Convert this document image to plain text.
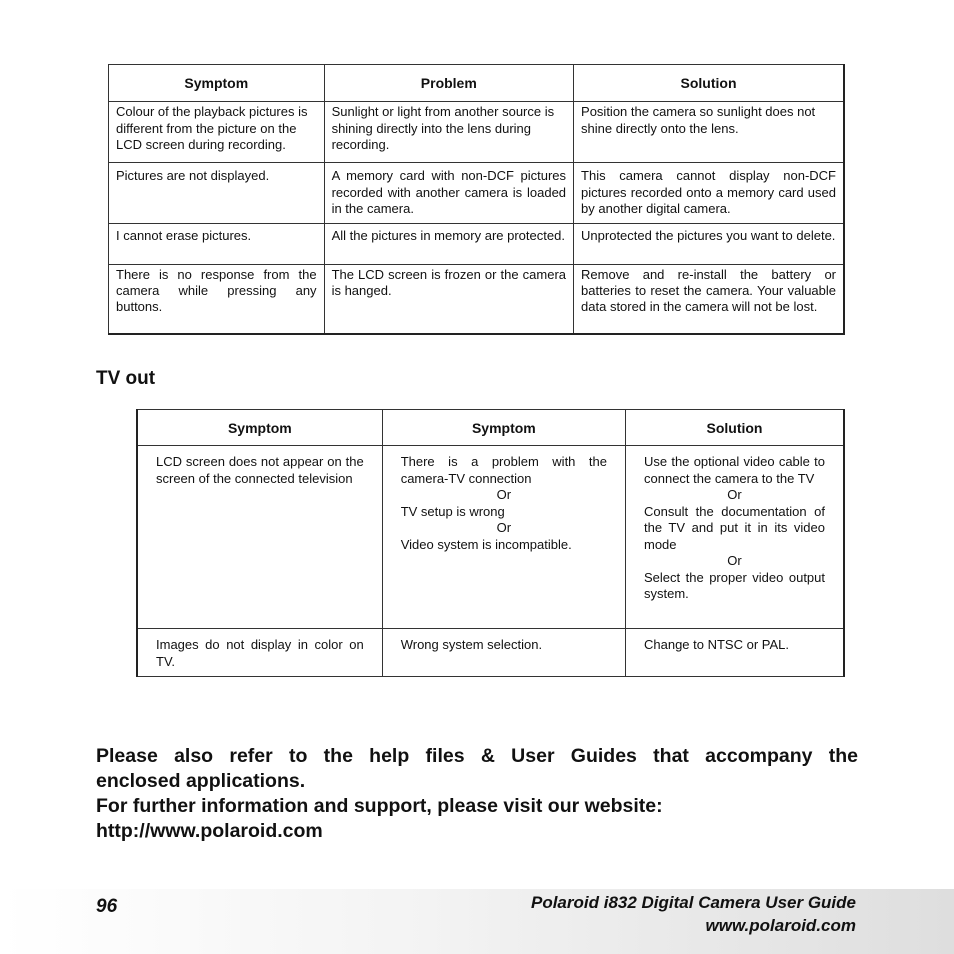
Symptom	Problem	Solution
Colour of the playback pictures is different from the picture on the LCD screen during recording.	Sunlight or light from another source is shining directly into the lens during recording.	Position the camera so sunlight does not shine directly onto the lens.
Pictures are not displayed.	A memory card with non-DCF pictures recorded with another camera is loaded in the camera.	This camera cannot display non-DCF pictures recorded onto a memory card used by another digital camera.
I cannot erase pictures.	All the pictures in memory are protected.	Unprotected the pictures you want to delete.
There is no response from the camera while pressing any buttons.	The LCD screen is frozen or the camera is hanged.	Remove and re-install the battery or batteries to reset the camera. Your valuable data stored in the camera will not be lost.
TV out
Symptom	Symptom	Solution
LCD screen does not appear on the screen of the connected television	There is a problem with the camera-TV connection
Or
TV setup is wrong
Or
Video system is incompatible.	Use the optional video cable to connect the camera to the TV
Or
Consult the documentation of the TV and put it in its video mode
Or
Select the proper video output system.

Images do not display in color on TV.	Wrong system selection.	Change to NTSC or PAL.

Please also refer to the help files & User Guides that accompany the

enclosed applications.

For further information and support, please visit our website:

http://www.polaroid.com

96	Polaroid i832 Digital Camera User Guide
www.polaroid.com
